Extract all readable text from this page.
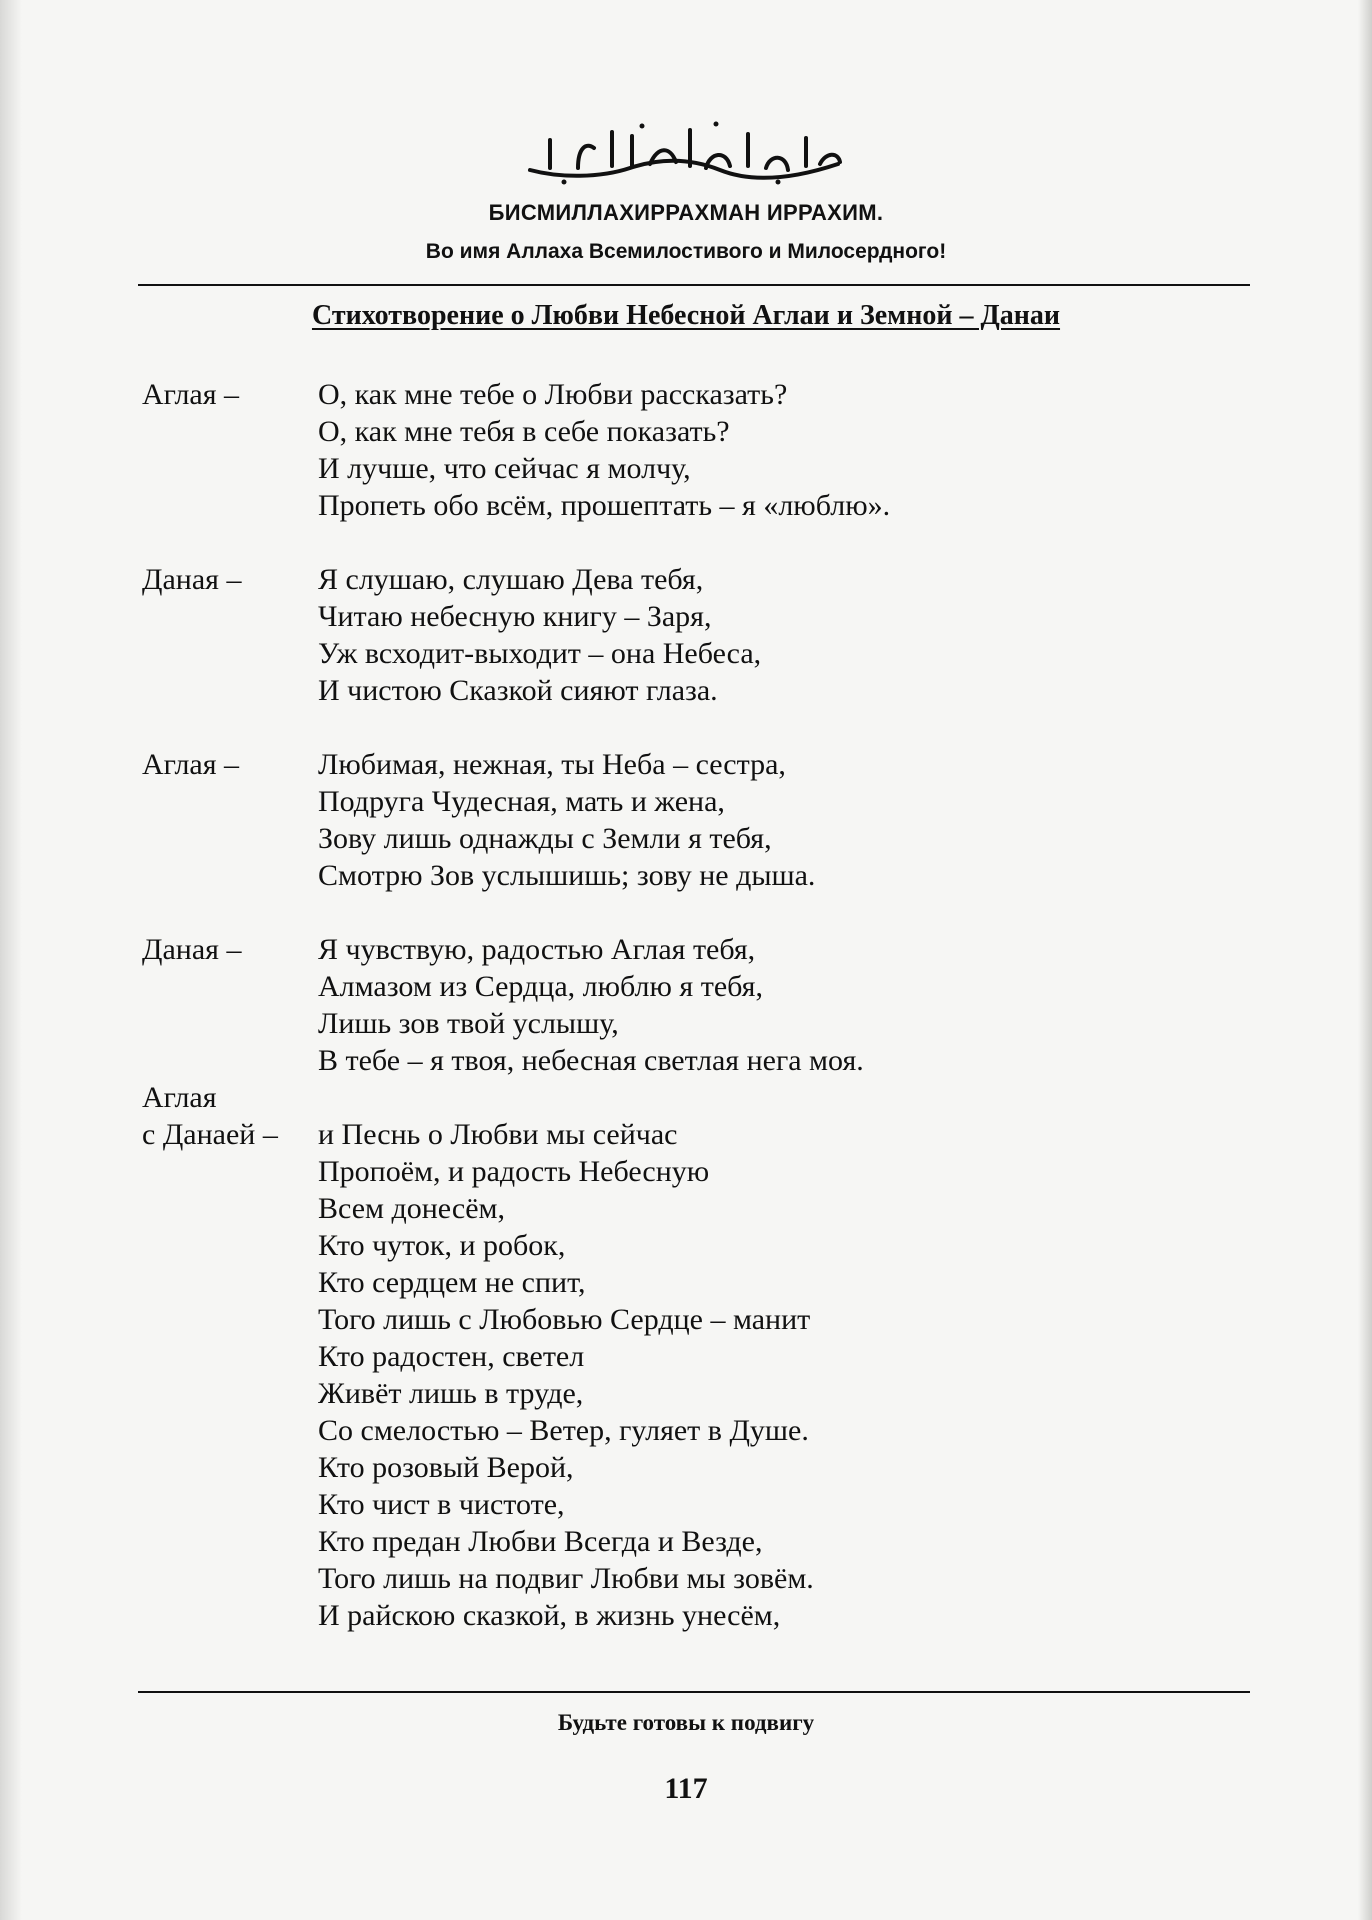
БИСМИЛЛАХИРРАХМАН ИРРАХИМ.
Во имя Аллаха Всемилостивого и Милосердного!
Стихотворение о Любви Небесной Аглаи и Земной – Данаи
Аглая –	О, как мне тебе о Любви рассказать?
О, как мне тебя в себе показать?
И лучше, что сейчас я молчу,
Пропеть обо всём, прошептать – я «люблю».
Даная –	Я слушаю, слушаю Дева тебя,
Читаю небесную книгу – Заря,
Уж всходит-выходит – она Небеса,
И чистою Сказкой сияют глаза.
Аглая –	Любимая, нежная, ты Неба – сестра,
Подруга Чудесная, мать и жена,
Зову лишь однажды с Земли я тебя,
Смотрю Зов услышишь; зову не дыша.
Даная –	Я чувствую, радостью Аглая тебя,
Алмазом из Сердца, люблю я тебя,
Лишь зов твой услышу,
В тебе – я твоя, небесная светлая нега моя.
Аглая
с Данаей –
	и Песнь о Любви мы сейчас
Пропоём, и радость Небесную
Всем донесём,
Кто чуток, и робок,
Кто сердцем не спит,
Того лишь с Любовью Сердце – манит
Кто радостен, светел
Живёт лишь в труде,
Со смелостью – Ветер, гуляет в Душе.
Кто розовый Верой,
Кто чист в чистоте,
Кто предан Любви Всегда и Везде,
Того лишь на подвиг Любви мы зовём.
И райскою сказкой, в жизнь унесём,
Будьте готовы к подвигу
117
